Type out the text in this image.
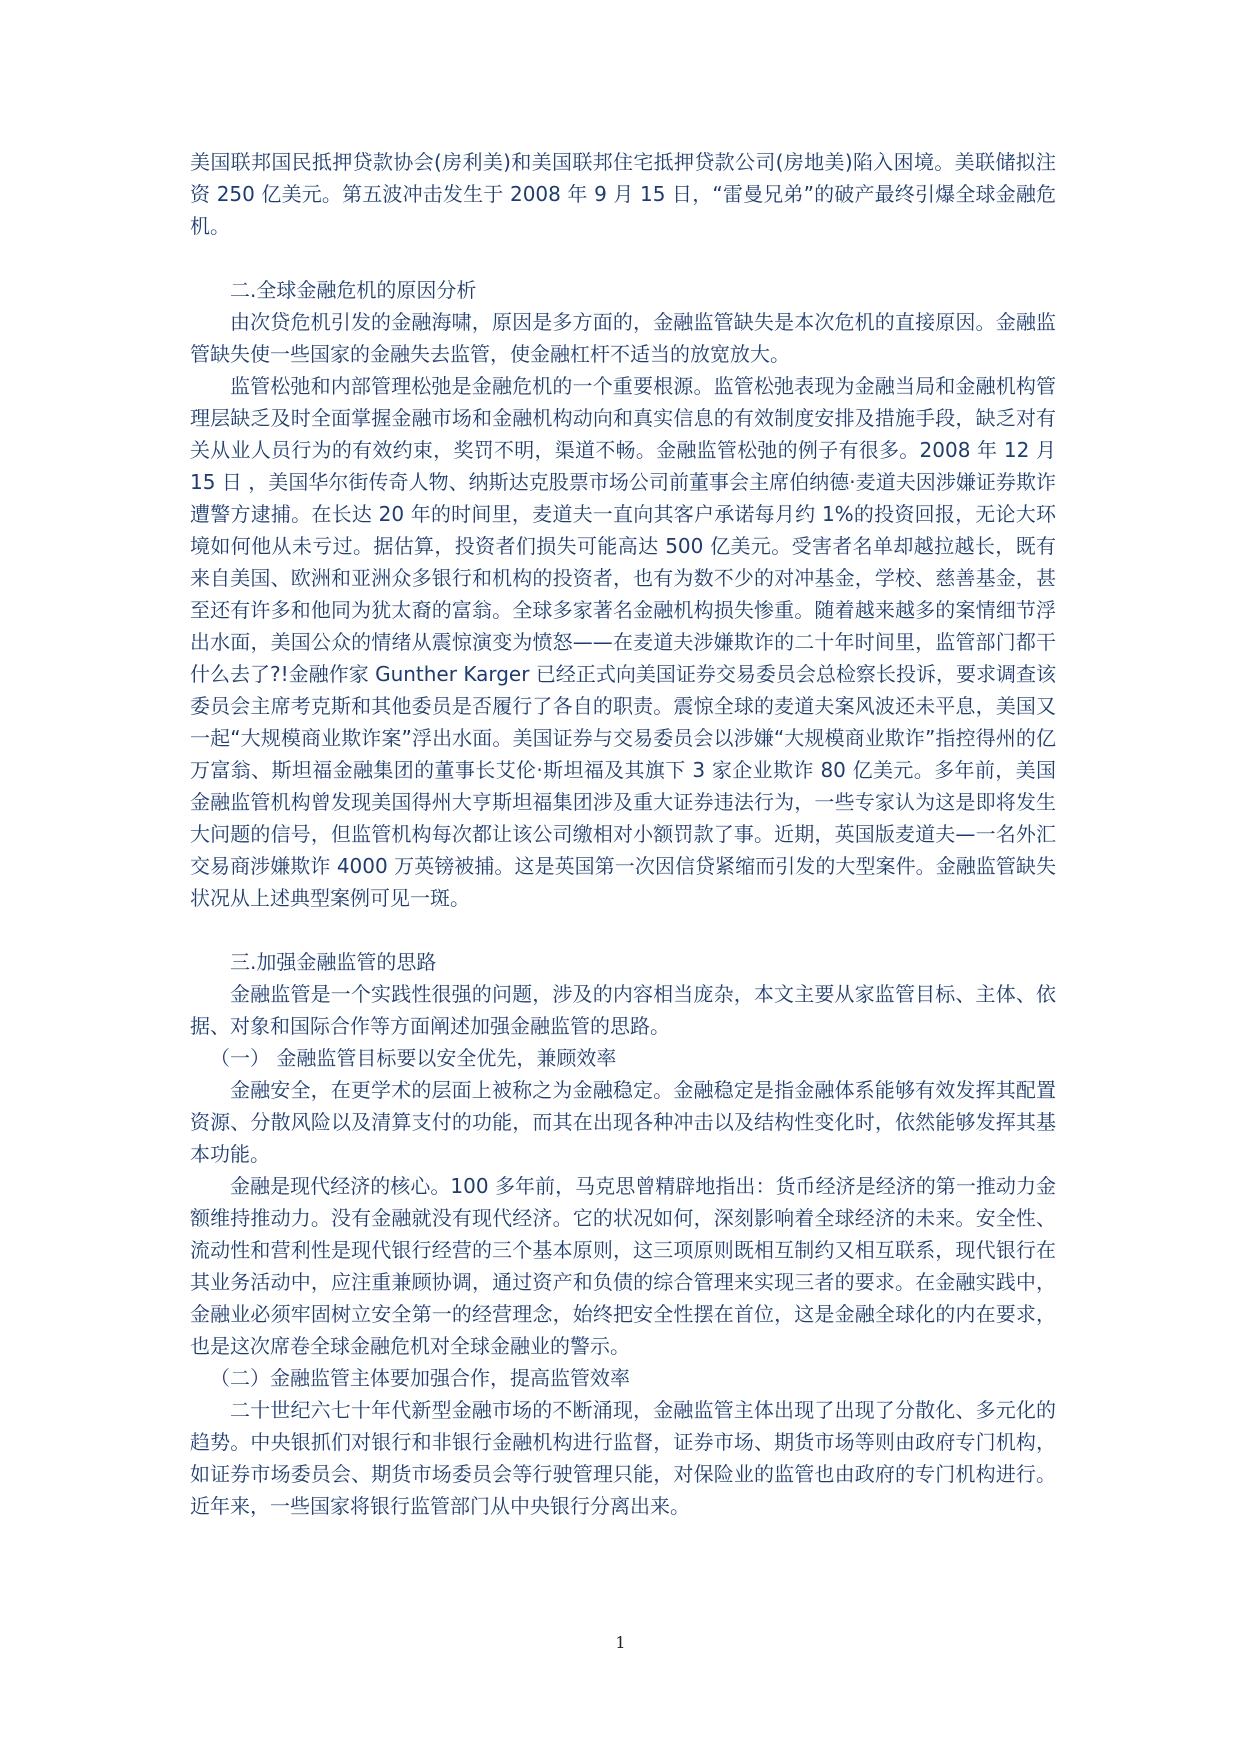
美国联邦国民抵押贷款协会(房利美)和美国联邦住宅抵押贷款公司(房地美)陷入困境。美联储拟注资 250 亿美元。第五波冲击发生于 2008 年 9 月 15 日，“雷曼兄弟”的破产最终引爆全球金融危机。

二.全球金融危机的原因分析

由次贷危机引发的金融海啸，原因是多方面的，金融监管缺失是本次危机的直接原因。金融监管缺失使一些国家的金融失去监管，使金融杠杆不适当的放宽放大。

监管松弛和内部管理松弛是金融危机的一个重要根源。监管松弛表现为金融当局和金融机构管理层缺乏及时全面掌握金融市场和金融机构动向和真实信息的有效制度安排及措施手段，缺乏对有关从业人员行为的有效约束，奖罚不明，渠道不畅。金融监管松弛的例子有很多。2008 年 12 月 15 日 ，美国华尔街传奇人物、纳斯达克股票市场公司前董事会主席伯纳德·麦道夫因涉嫌证券欺诈遭警方逮捕。在长达 20 年的时间里，麦道夫一直向其客户承诺每月约 1%的投资回报，无论大环境如何他从未亏过。据估算，投资者们损失可能高达 500 亿美元。受害者名单却越拉越长，既有来自美国、欧洲和亚洲众多银行和机构的投资者，也有为数不少的对冲基金，学校、慈善基金，甚至还有许多和他同为犹太裔的富翁。全球多家著名金融机构损失惨重。随着越来越多的案情细节浮出水面，美国公众的情绪从震惊演变为愤怒——在麦道夫涉嫌欺诈的二十年时间里，监管部门都干什么去了?!金融作家 Gunther Karger 已经正式向美国证券交易委员会总检察长投诉，要求调查该委员会主席考克斯和其他委员是否履行了各自的职责。震惊全球的麦道夫案风波还未平息，美国又一起“大规模商业欺诈案”浮出水面。美国证券与交易委员会以涉嫌“大规模商业欺诈”指控得州的亿万富翁、斯坦福金融集团的董事长艾伦·斯坦福及其旗下 3 家企业欺诈 80 亿美元。多年前，美国金融监管机构曾发现美国得州大亨斯坦福集团涉及重大证券违法行为，一些专家认为这是即将发生大问题的信号，但监管机构每次都让该公司缴相对小额罚款了事。近期，英国版麦道夫—一名外汇交易商涉嫌欺诈 4000 万英镑被捕。这是英国第一次因信贷紧缩而引发的大型案件。金融监管缺失状况从上述典型案例可见一斑。

三.加强金融监管的思路

金融监管是一个实践性很强的问题，涉及的内容相当庞杂，本文主要从家监管目标、主体、依据、对象和国际合作等方面阐述加强金融监管的思路。

（一） 金融监管目标要以安全优先，兼顾效率

金融安全，在更学术的层面上被称之为金融稳定。金融稳定是指金融体系能够有效发挥其配置资源、分散风险以及清算支付的功能，而其在出现各种冲击以及结构性变化时，依然能够发挥其基本功能。

金融是现代经济的核心。100 多年前，马克思曾精辟地指出：货币经济是经济的第一推动力金额维持推动力。没有金融就没有现代经济。它的状况如何，深刻影响着全球经济的未来。安全性、流动性和营利性是现代银行经营的三个基本原则，这三项原则既相互制约又相互联系，现代银行在其业务活动中，应注重兼顾协调，通过资产和负债的综合管理来实现三者的要求。在金融实践中，金融业必须牢固树立安全第一的经营理念，始终把安全性摆在首位，这是金融全球化的内在要求，也是这次席卷全球金融危机对全球金融业的警示。

（二）金融监管主体要加强合作，提高监管效率

二十世纪六七十年代新型金融市场的不断涌现，金融监管主体出现了出现了分散化、多元化的趋势。中央银抓们对银行和非银行金融机构进行监督，证券市场、期货市场等则由政府专门机构，如证券市场委员会、期货市场委员会等行驶管理只能，对保险业的监管也由政府的专门机构进行。近年来，一些国家将银行监管部门从中央银行分离出来。

1
